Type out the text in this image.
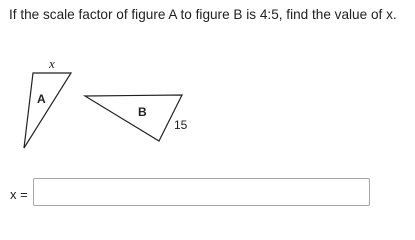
If the scale factor of figure A to figure B is 4:5, find the value of x.
A
x
B
15
x =
